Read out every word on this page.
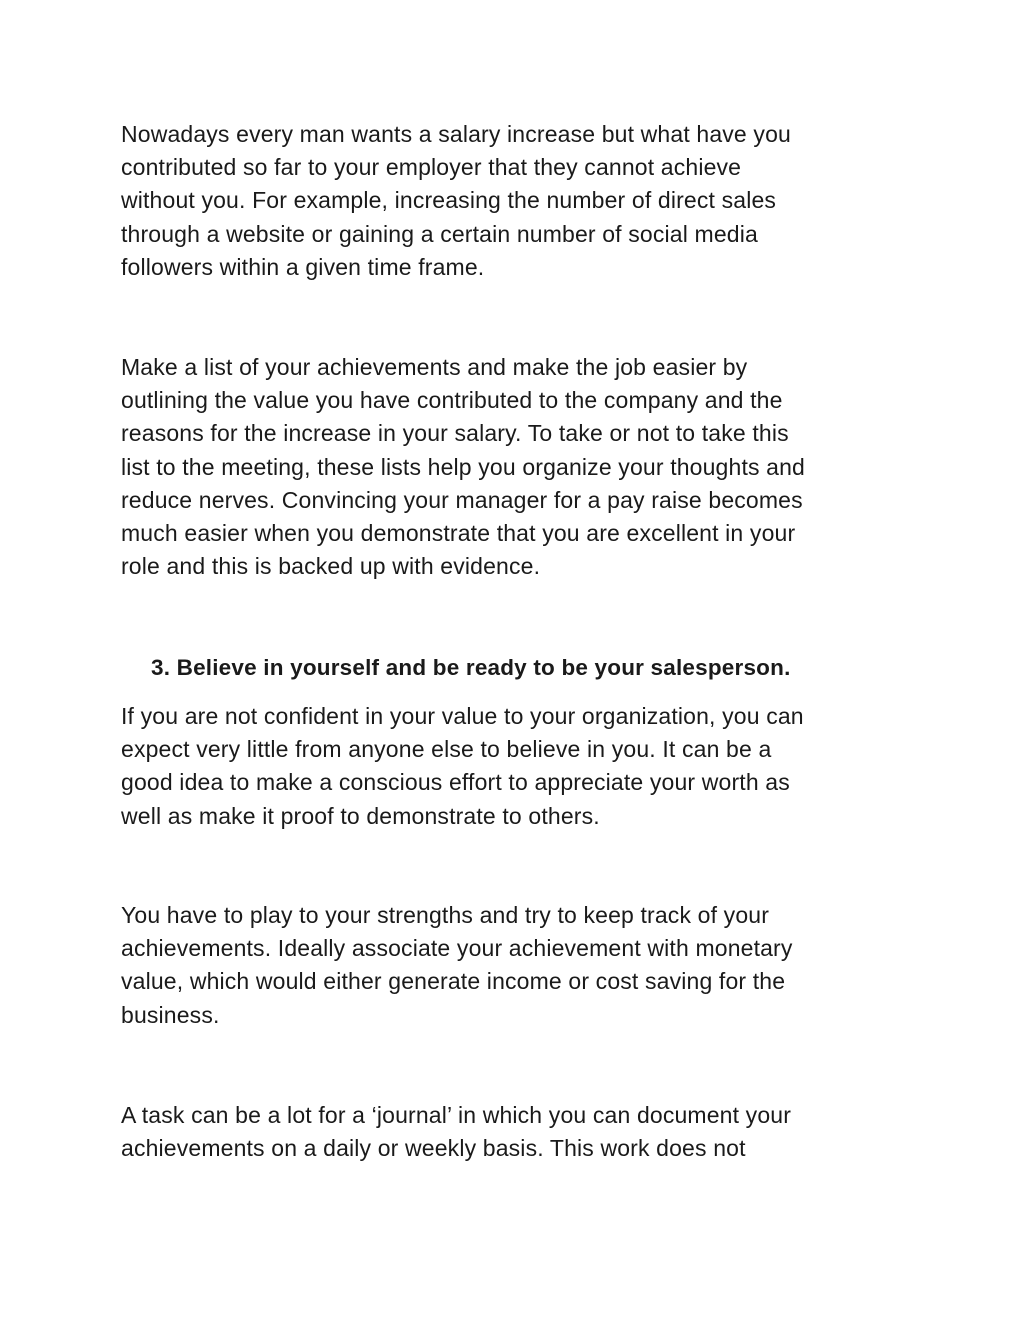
Nowadays every man wants a salary increase but what have you
contributed so far to your employer that they cannot achieve
without you. For example, increasing the number of direct sales
through a website or gaining a certain number of social media
followers within a given time frame.

Make a list of your achievements and make the job easier by
outlining the value you have contributed to the company and the
reasons for the increase in your salary. To take or not to take this
list to the meeting, these lists help you organize your thoughts and
reduce nerves. Convincing your manager for a pay raise becomes
much easier when you demonstrate that you are excellent in your
role and this is backed up with evidence.

3. Believe in yourself and be ready to be your salesperson.

If you are not confident in your value to your organization, you can
expect very little from anyone else to believe in you. It can be a
good idea to make a conscious effort to appreciate your worth as
well as make it proof to demonstrate to others.

You have to play to your strengths and try to keep track of your
achievements. Ideally associate your achievement with monetary
value, which would either generate income or cost saving for the
business.

A task can be a lot for a ‘journal’ in which you can document your
achievements on a daily or weekly basis. This work does not
